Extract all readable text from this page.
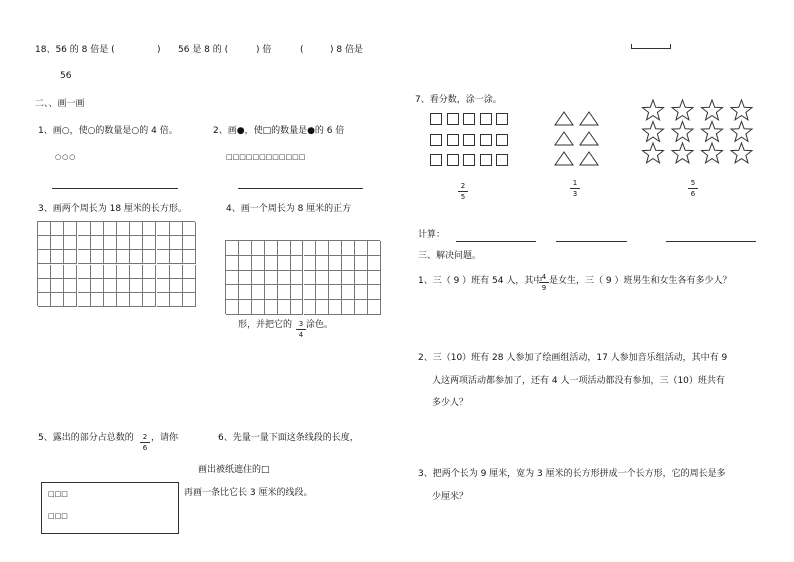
18、56 的 8 倍是 (	) 56 是 8 的 (	) 倍	(	) 8 倍是
56
二、、画一画
1、画○，使○的数量是○的 4 倍。
○○○
2、画●，使□的数量是●的 6 倍
□□□□□□□□□□□□
3、画两个周长为 18 厘米的长方形。	4、画一个周长为 8 厘米的正方
形，并把它的 3
4
涂色。
5、露出的部分占总数的	2
6
，请你
画出被纸遮住的□
□□□
□□□
6、先量一量下面这条线段的长度，
再画一条比它长 3 厘米的线段。
7、看分数，涂一涂。
2
5
1
3
5
6
计算：
三、解决问题。
1、三（ 9 ）班有 54 人，其中 4
9
是女生，三（ 9 ）班男生和女生各有多少人？
2、三（10）班有 28 人参加了绘画组活动，17 人参加音乐组活动，其中有 9
人这两项活动都参加了，还有 4 人一项活动都没有参加，三（10）班共有
多少人？
3、把两个长为 9 厘米，宽为 3 厘米的长方形拼成一个长方形，它的周长是多
少厘米？
